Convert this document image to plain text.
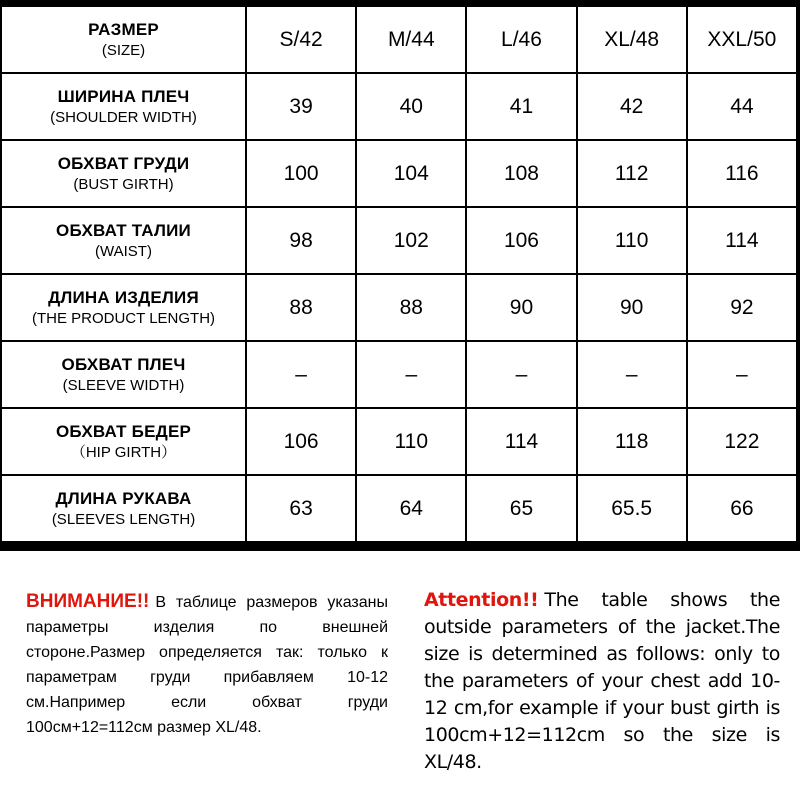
РАЗМЕР
(SIZE)	S/42	M/44	L/46	XL/48	XXL/50

ШИРИНА ПЛЕЧ
(SHOULDER WIDTH)	39	40	41	42	44

ОБХВАТ ГРУДИ
(BUST GIRTH)	100	104	108	112	116

ОБХВАТ ТАЛИИ
(WAIST)	98	102	106	110	114

ДЛИНА ИЗДЕЛИЯ
(THE PRODUCT LENGTH)	88	88	90	90	92

ОБХВАТ ПЛЕЧ
(SLEEVE WIDTH)	–	–	–	–	–

ОБХВАТ БЕДЕР
（HIP GIRTH）	106	110	114	118	122

ДЛИНА РУКАВА
(SLEEVES LENGTH)	63	64	65	65.5	66
ВНИМАНИЕ!! В таблице размеров указаны параметры изделия по внешней стороне.Размер определяется так: только к параметрам груди прибавляем 10-12 см.Например если обхват груди 100см+12=112см размер XL/48.
Attention!! The table shows the outside parameters of the jacket.The size is determined as follows: only to the parameters of your chest add 10-12 cm,for example if your bust girth is 100cm+12=112cm so the size is XL/48.
